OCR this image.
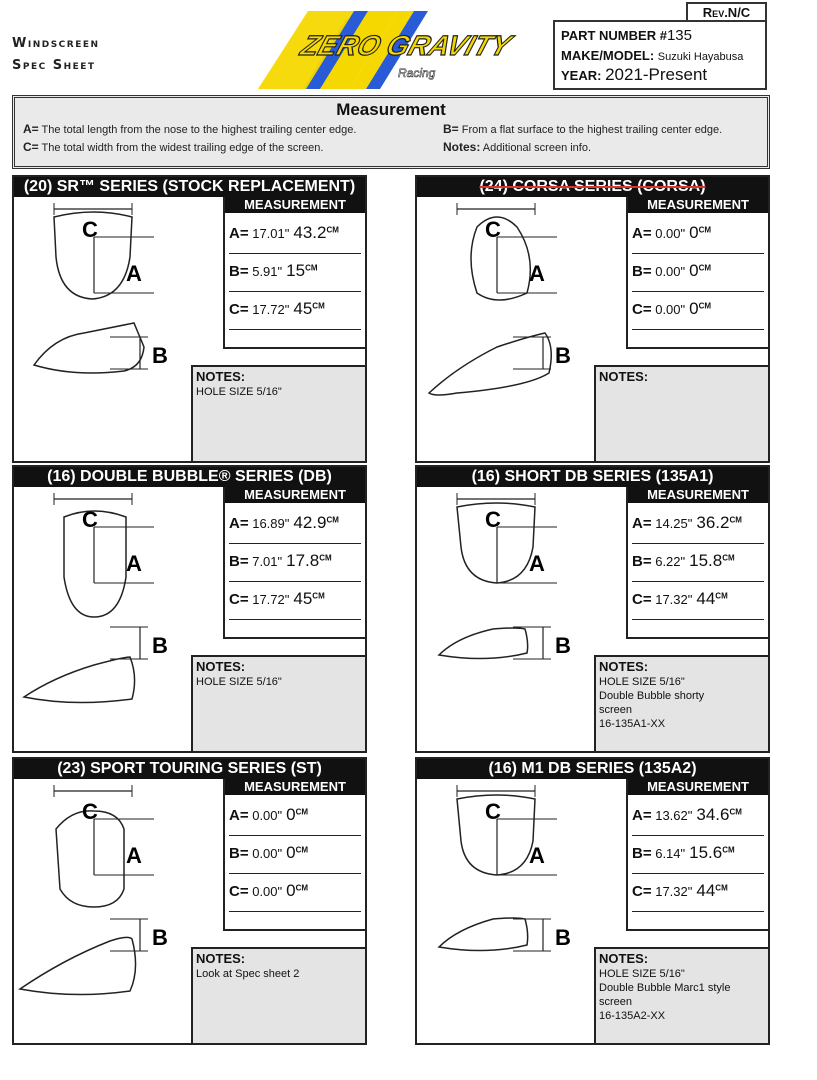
Windscreen
Spec Sheet
ZERO GRAVITY
Racing
Rev.N/C
PART NUMBER #135
MAKE/MODEL: Suzuki Hayabusa
YEAR: 2021-Present
Measurement
A= The total length from the nose to the highest trailing center edge.	B= From a flat surface to the highest trailing center edge.
C= The total width from the widest trailing edge of the screen.	Notes: Additional screen info.
(20) SR™ SERIES (STOCK REPLACEMENT)
C
A
B
MEASUREMENT
A= 17.01" $43.2^{CM}$
B= 5.91" $15^{CM}$
C= 17.72" $45^{CM}$
NOTES:
HOLE SIZE 5/16"
(24) CORSA SERIES (CORSA)
C
A
B
MEASUREMENT
A= 0.00" $0^{CM}$
B= 0.00" $0^{CM}$
C= 0.00" $0^{CM}$
NOTES:
(16) DOUBLE BUBBLE® SERIES (DB)
C
A
B
MEASUREMENT
A= 16.89" $42.9^{CM}$
B= 7.01" $17.8^{CM}$
C= 17.72" $45^{CM}$
NOTES:
HOLE SIZE 5/16"
(16) SHORT DB SERIES (135A1)
C
A
B
MEASUREMENT
A= 14.25" $36.2^{CM}$
B= 6.22" $15.8^{CM}$
C= 17.32" $44^{CM}$
NOTES:
HOLE SIZE 5/16"
Double Bubble shorty
screen
16-135A1-XX
(23) SPORT TOURING SERIES (ST)
C
A
B
MEASUREMENT
A= 0.00" $0^{CM}$
B= 0.00" $0^{CM}$
C= 0.00" $0^{CM}$
NOTES:
Look at Spec sheet 2
(16) M1 DB SERIES (135A2)
C
A
B
MEASUREMENT
A= 13.62" $34.6^{CM}$
B= 6.14" $15.6^{CM}$
C= 17.32" $44^{CM}$
NOTES:
HOLE SIZE 5/16"
Double Bubble Marc1 style
screen
16-135A2-XX
